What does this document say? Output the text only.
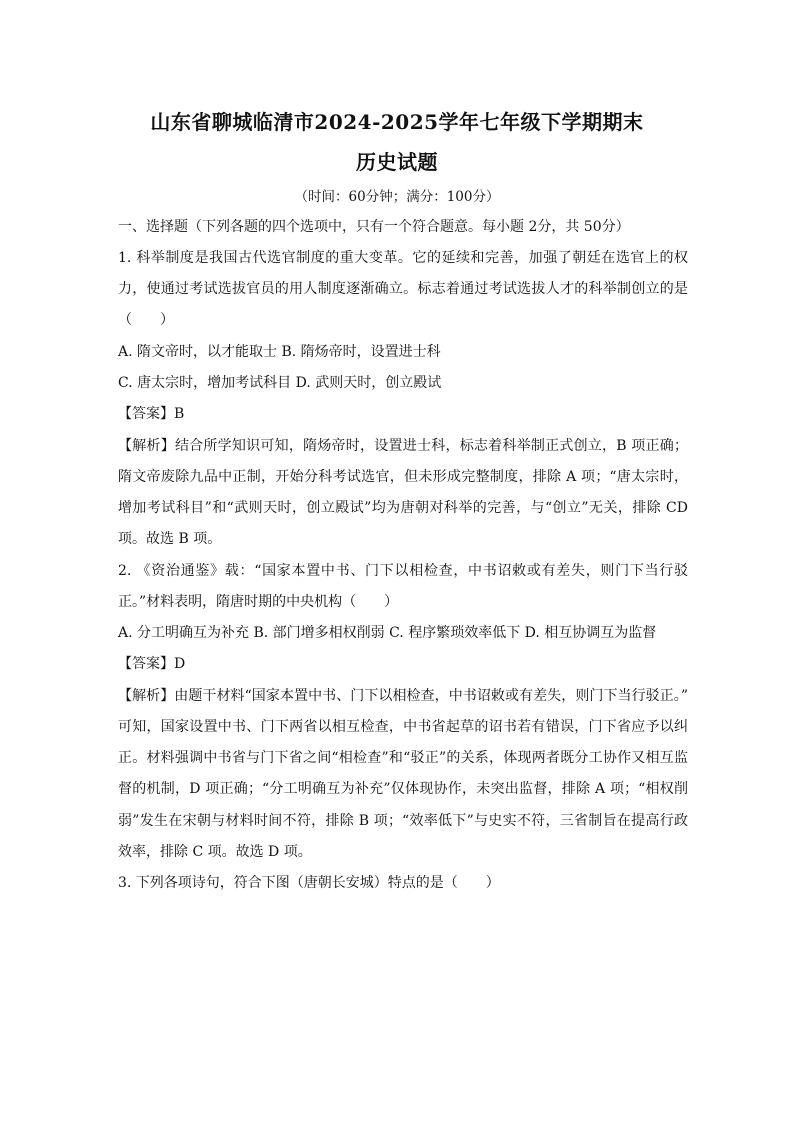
山东省聊城临清市2024-2025学年七年级下学期期末
历史试题
（时间：60分钟；满分：100分）
一、选择题（下列各题的四个选项中，只有一个符合题意。每小题 2分，共 50分）
1. 科举制度是我国古代选官制度的重大变革。它的延续和完善，加强了朝廷在选官上的权
力，使通过考试选拔官员的用人制度逐渐确立。标志着通过考试选拔人才的科举制创立的是
（　　）
A. 隋文帝时，以才能取士 B. 隋炀帝时，设置进士科
C. 唐太宗时，增加考试科目 D. 武则天时，创立殿试
【答案】B
【解析】结合所学知识可知，隋炀帝时，设置进士科，标志着科举制正式创立，B 项正确；
隋文帝废除九品中正制，开始分科考试选官，但未形成完整制度，排除 A 项；“唐太宗时，
增加考试科目”和“武则天时，创立殿试”均为唐朝对科举的完善，与“创立”无关，排除 CD
项。故选 B 项。
2. 《资治通鉴》载：“国家本置中书、门下以相检查，中书诏敕或有差失，则门下当行驳
正。”材料表明，隋唐时期的中央机构（　　）
A. 分工明确互为补充 B. 部门增多相权削弱 C. 程序繁琐效率低下 D. 相互协调互为监督
【答案】D
【解析】由题干材料“国家本置中书、门下以相检查，中书诏敕或有差失，则门下当行驳正。”
可知，国家设置中书、门下两省以相互检查，中书省起草的诏书若有错误，门下省应予以纠
正。材料强调中书省与门下省之间“相检查”和“驳正”的关系，体现两者既分工协作又相互监
督的机制，D 项正确；“分工明确互为补充”仅体现协作，未突出监督，排除 A 项；“相权削
弱”发生在宋朝与材料时间不符，排除 B 项；“效率低下”与史实不符，三省制旨在提高行政
效率，排除 C 项。故选 D 项。
3. 下列各项诗句，符合下图（唐朝长安城）特点的是（　　）
